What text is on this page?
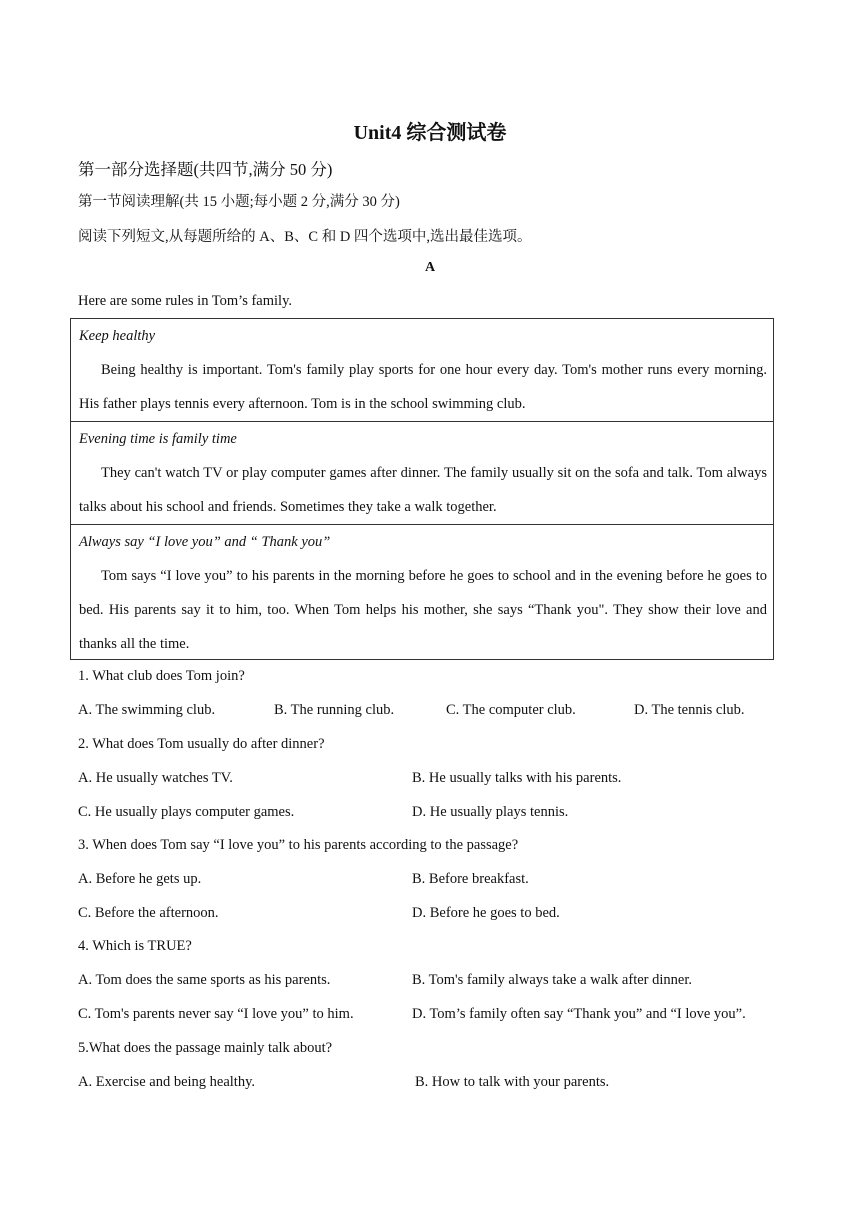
Unit4 综合测试卷
第一部分选择题(共四节,满分 50 分)
第一节阅读理解(共 15 小题;每小题 2 分,满分 30 分)
阅读下列短文,从每题所给的 A、B、C 和 D 四个选项中,选出最佳选项。
A
Here are some rules in Tom’s family.
Keep healthy
Being healthy is important. Tom's family play sports for one hour every day. Tom's mother runs every morning. His father plays tennis every afternoon. Tom is in the school swimming club.
Evening time is family time
They can't watch TV or play computer games after dinner. The family usually sit on the sofa and talk. Tom always talks about his school and friends. Sometimes they take a walk together.
Always say “I love you” and “ Thank you”
Tom says “I love you” to his parents in the morning before he goes to school and in the evening before he goes to bed. His parents say it to him, too. When Tom helps his mother, she says “Thank you". They show their love and thanks all the time.
1. What club does Tom join?
A. The swimming club.	B. The running club.	C. The computer club.	D. The tennis club.
2. What does Tom usually do after dinner?
A. He usually watches TV.	B. He usually talks with his parents.
C. He usually plays computer games.	D. He usually plays tennis.
3. When does Tom say “I love you” to his parents according to the passage?
A. Before he gets up.	B. Before breakfast.
C. Before the afternoon.	D. Before he goes to bed.
4. Which is TRUE?
A. Tom does the same sports as his parents.	B. Tom's family always take a walk after dinner.
C. Tom's parents never say “I love you” to him.	D. Tom’s family often say “Thank you” and “I love you”.
5.What does the passage mainly talk about?
A. Exercise and being healthy.	B. How to talk with your parents.
